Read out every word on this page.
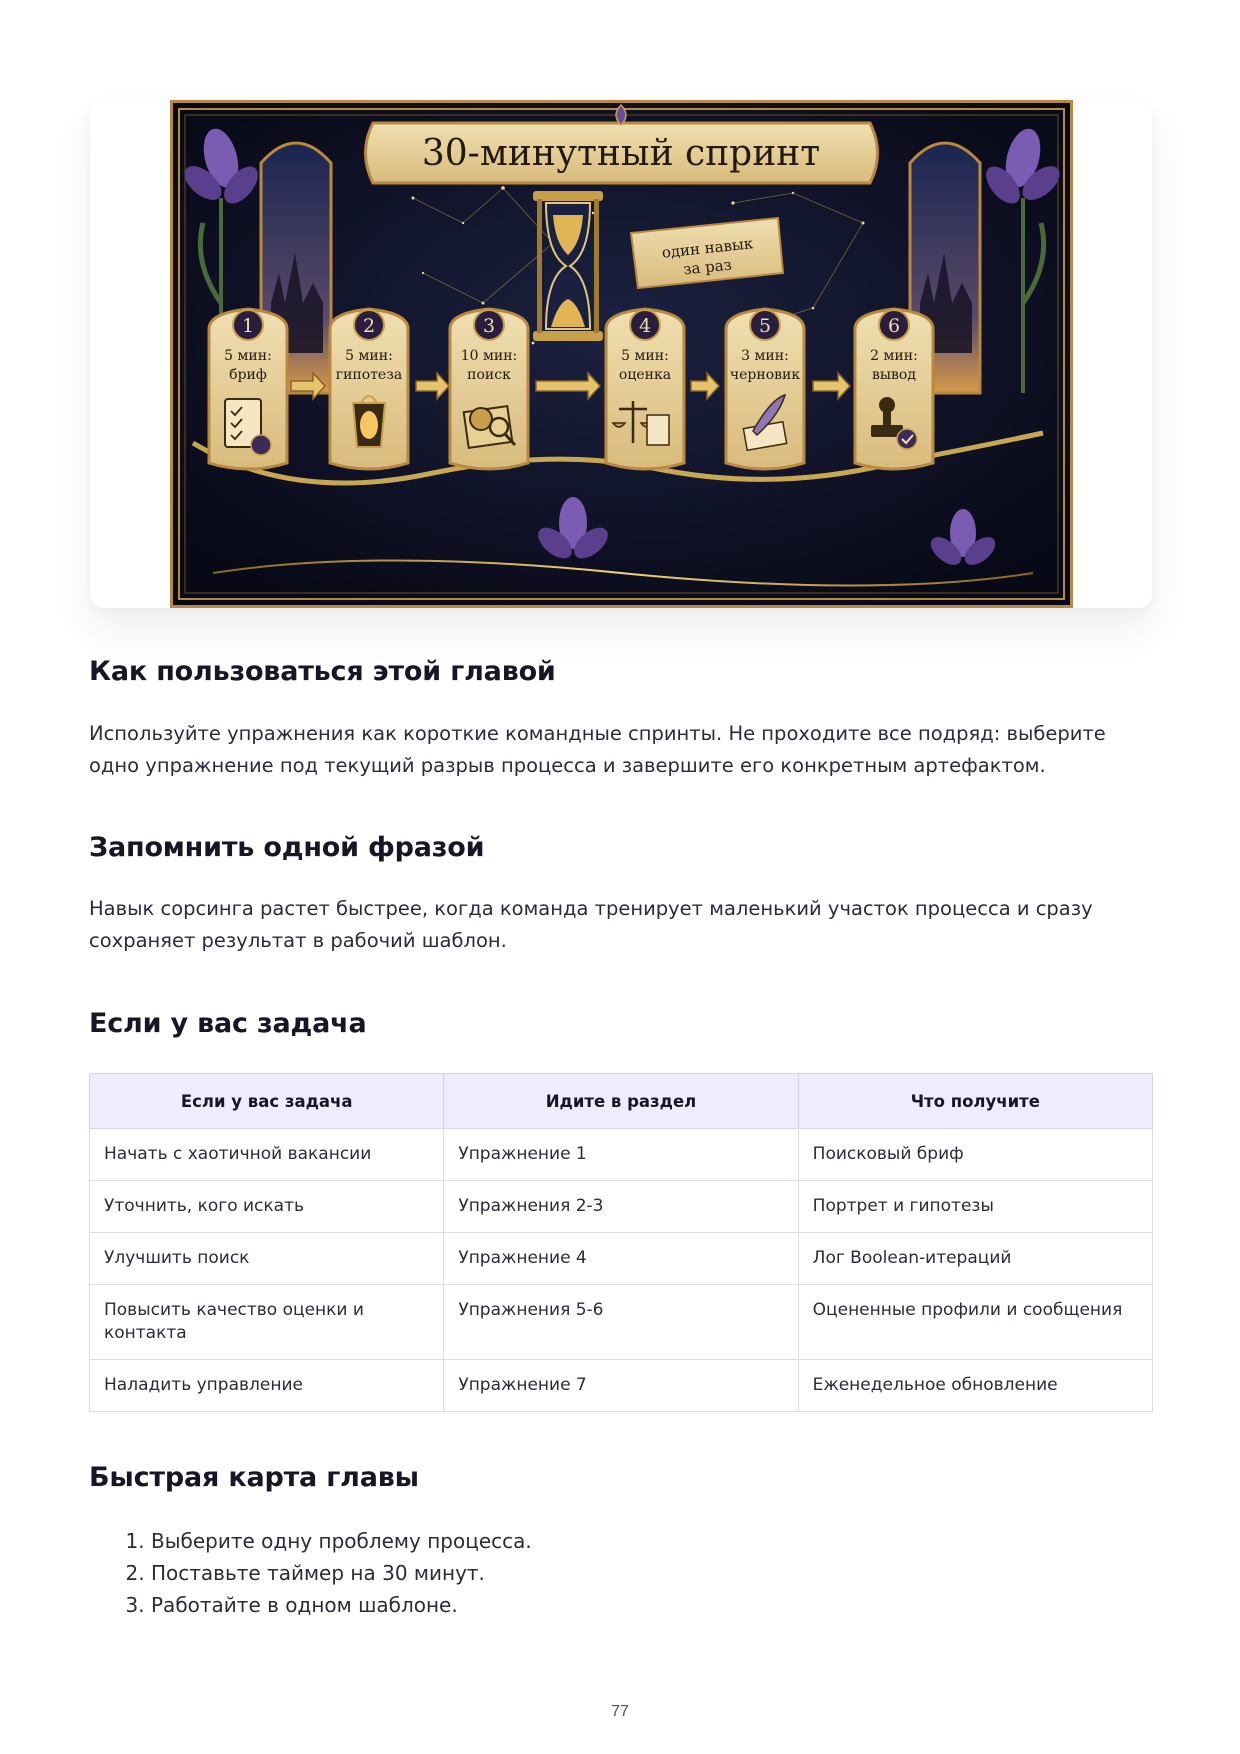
30-минутный спринт
один навык
за раз
1
5 мин:
бриф
2
5 мин:
гипотеза
3
10 мин:
поиск
4
5 мин:
оценка
5
3 мин:
черновик
6
2 мин:
вывод
Как пользоваться этой главой

Используйте упражнения как короткие командные спринты. Не проходите все подряд: выберите одно упражнение под текущий разрыв процесса и завершите его конкретным артефактом.

Запомнить одной фразой

Навык сорсинга растет быстрее, когда команда тренирует маленький участок процесса и сразу сохраняет результат в рабочий шаблон.

Если у вас задача
Если у вас задача	Идите в раздел	Что получите
Начать с хаотичной вакансии	Упражнение 1	Поисковый бриф
Уточнить, кого искать	Упражнения 2-3	Портрет и гипотезы
Улучшить поиск	Упражнение 4	Лог Boolean-итераций
Повысить качество оценки и контакта	Упражнения 5-6	Оцененные профили и сообщения
Наладить управление	Упражнение 7	Еженедельное обновление
Быстрая карта главы
1. Выберите одну проблему процесса.
2. Поставьте таймер на 30 минут.
3. Работайте в одном шаблоне.
77
